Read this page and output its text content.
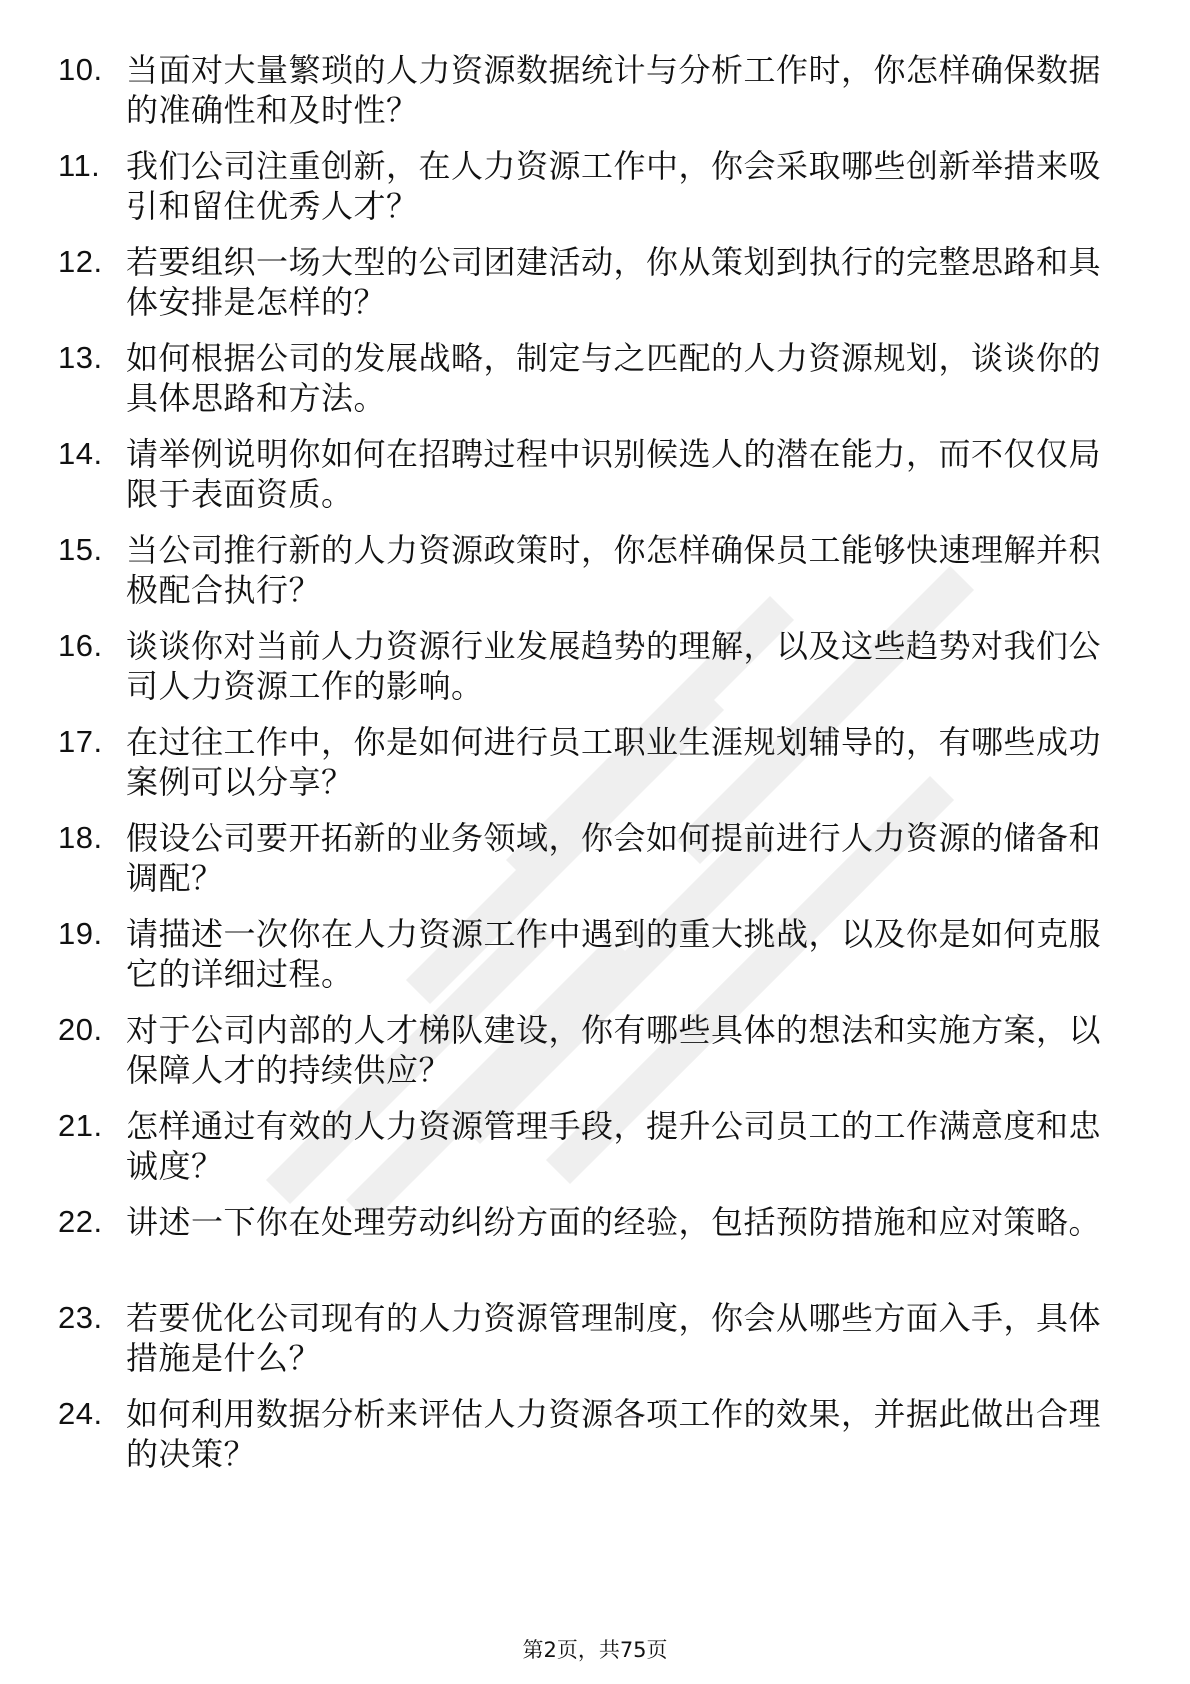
10. 当面对大量繁琐的人力资源数据统计与分析工作时，你怎样确保数据的准确性和及时性？
11. 我们公司注重创新，在人力资源工作中，你会采取哪些创新举措来吸引和留住优秀人才？
12. 若要组织一场大型的公司团建活动，你从策划到执行的完整思路和具体安排是怎样的？
13. 如何根据公司的发展战略，制定与之匹配的人力资源规划，谈谈你的具体思路和方法。
14. 请举例说明你如何在招聘过程中识别候选人的潜在能力，而不仅仅局限于表面资质。
15. 当公司推行新的人力资源政策时，你怎样确保员工能够快速理解并积极配合执行？
16. 谈谈你对当前人力资源行业发展趋势的理解，以及这些趋势对我们公司人力资源工作的影响。
17. 在过往工作中，你是如何进行员工职业生涯规划辅导的，有哪些成功案例可以分享？
18. 假设公司要开拓新的业务领域，你会如何提前进行人力资源的储备和调配？
19. 请描述一次你在人力资源工作中遇到的重大挑战，以及你是如何克服它的详细过程。
20. 对于公司内部的人才梯队建设，你有哪些具体的想法和实施方案，以保障人才的持续供应？
21. 怎样通过有效的人力资源管理手段，提升公司员工的工作满意度和忠诚度？
22. 讲述一下你在处理劳动纠纷方面的经验，包括预防措施和应对策略。
23. 若要优化公司现有的人力资源管理制度，你会从哪些方面入手，具体措施是什么？
24. 如何利用数据分析来评估人力资源各项工作的效果，并据此做出合理的决策？
第2页，共75页
